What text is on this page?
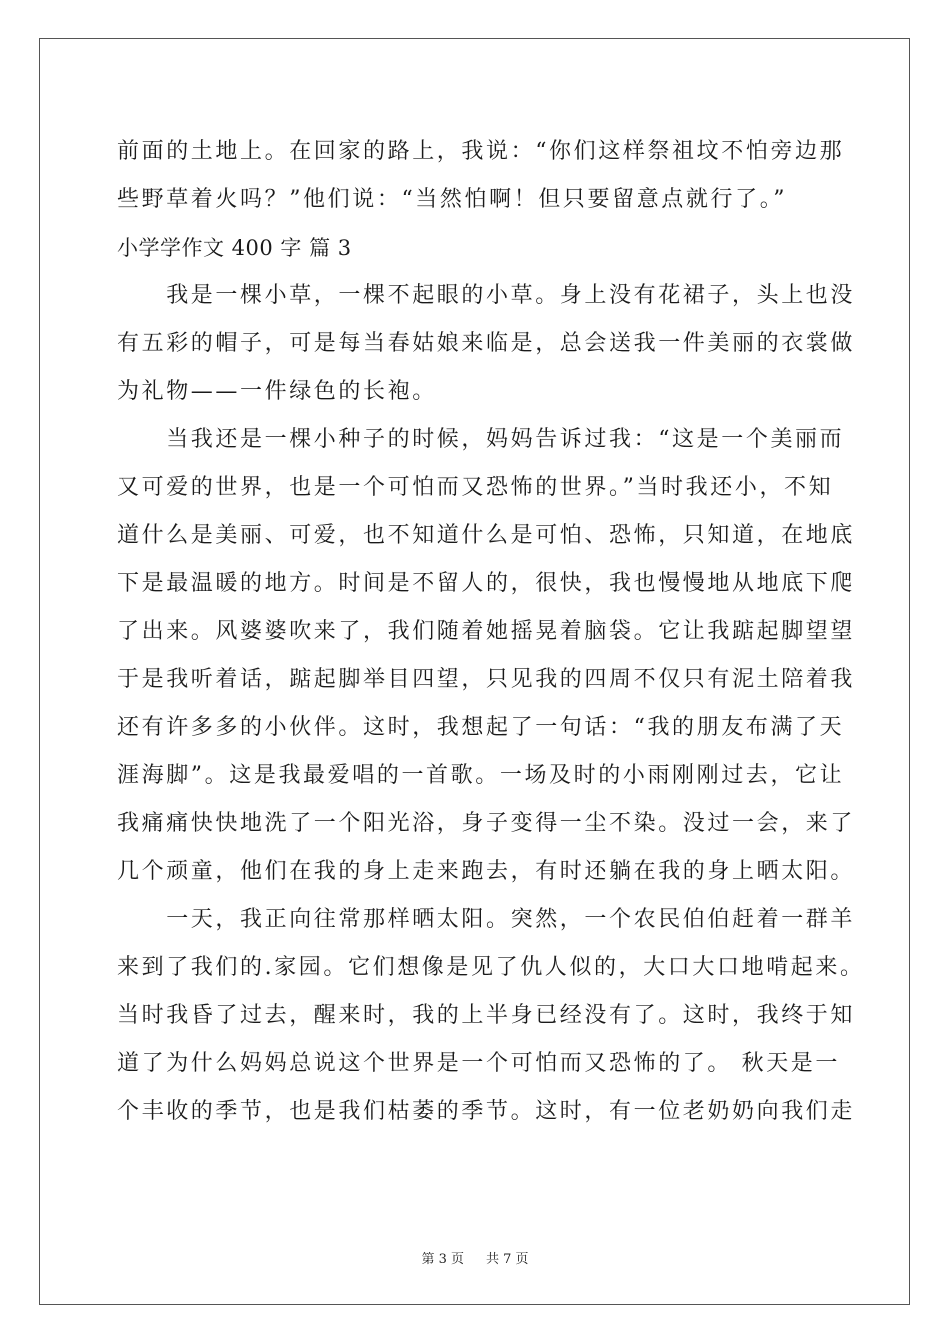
前面的土地上。在回家的路上，我说：“你们这样祭祖坟不怕旁边那
些野草着火吗？”他们说：“当然怕啊！但只要留意点就行了。”
小学学作文 400 字 篇 3
　　我是一棵小草，一棵不起眼的小草。身上没有花裙子，头上也没
有五彩的帽子，可是每当春姑娘来临是，总会送我一件美丽的衣裳做
为礼物——一件绿色的长袍。
　　当我还是一棵小种子的时候，妈妈告诉过我：“这是一个美丽而
又可爱的世界，也是一个可怕而又恐怖的世界。”当时我还小，不知
道什么是美丽、可爱，也不知道什么是可怕、恐怖，只知道，在地底
下是最温暖的地方。时间是不留人的，很快，我也慢慢地从地底下爬
了出来。风婆婆吹来了，我们随着她摇晃着脑袋。它让我踮起脚望望
于是我听着话，踮起脚举目四望，只见我的四周不仅只有泥土陪着我
还有许多多的小伙伴。这时，我想起了一句话：“我的朋友布满了天
涯海脚”。这是我最爱唱的一首歌。一场及时的小雨刚刚过去，它让
我痛痛快快地洗了一个阳光浴，身子变得一尘不染。没过一会，来了
几个顽童，他们在我的身上走来跑去，有时还躺在我的身上晒太阳。
　　一天，我正向往常那样晒太阳。突然，一个农民伯伯赶着一群羊
来到了我们的.家园。它们想像是见了仇人似的，大口大口地啃起来。
当时我昏了过去，醒来时，我的上半身已经没有了。这时，我终于知
道了为什么妈妈总说这个世界是一个可怕而又恐怖的了。 秋天是一
个丰收的季节，也是我们枯萎的季节。这时，有一位老奶奶向我们走
第 3 页 共 7 页
